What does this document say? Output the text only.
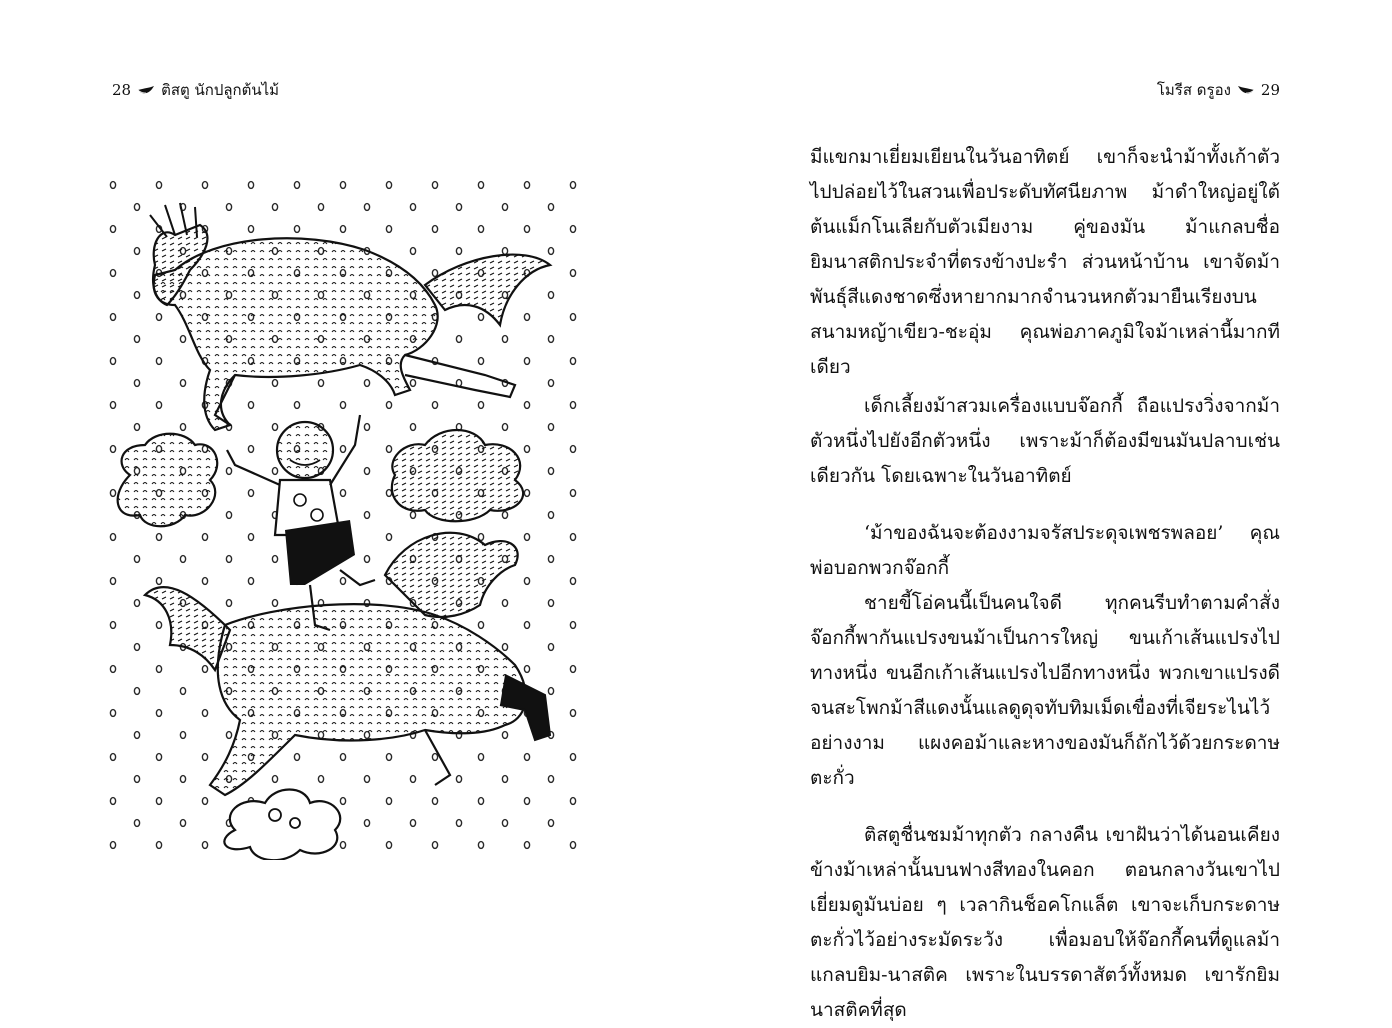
28 ติสตู นักปลูกต้นไม้	โมรีส ดรูอง 29

มีแขกมาเยี่ยมเยียนในวันอาทิตย์ เขาก็จะนำม้าทั้งเก้าตัวไปปล่อยไว้ในสวนเพื่อประดับทัศนียภาพ ม้าดำใหญ่อยู่ใต้ต้นแม็กโนเลียกับตัวเมียงาม คู่ของมัน ม้าแกลบชื่อยิมนาสติกประจำที่ตรงข้างปะรำ ส่วนหน้าบ้าน เขาจัดม้าพันธุ์สีแดงชาดซึ่งหายากมากจำนวนหกตัวมายืนเรียงบนสนามหญ้าเขียว-ชะอุ่ม คุณพ่อภาคภูมิใจม้าเหล่านี้มากทีเดียว

เด็กเลี้ยงม้าสวมเครื่องแบบจ๊อกกี้ ถือแปรงวิ่งจากม้าตัวหนึ่งไปยังอีกตัวหนึ่ง เพราะม้าก็ต้องมีขนมันปลาบเช่นเดียวกัน โดยเฉพาะในวันอาทิตย์

‘ม้าของฉันจะต้องงามจรัสประดุจเพชรพลอย’ คุณพ่อบอกพวกจ๊อกกี้

ชายขี้โอ่คนนี้เป็นคนใจดี ทุกคนรีบทำตามคำสั่ง จ๊อกกี้พากันแปรงขนม้าเป็นการใหญ่ ขนเก้าเส้นแปรงไปทางหนึ่ง ขนอีกเก้าเส้นแปรงไปอีกทางหนึ่ง พวกเขาแปรงดีจนสะโพกม้าสีแดงนั้นแลดูดุจทับทิมเม็ดเขื่องที่เจียระไนไว้อย่างงาม แผงคอม้าและหางของมันก็ถักไว้ด้วยกระดาษตะกั่ว

ติสตูชื่นชมม้าทุกตัว กลางคืน เขาฝันว่าได้นอนเคียงข้างม้าเหล่านั้นบนฟางสีทองในคอก ตอนกลางวันเขาไปเยี่ยมดูมันบ่อย ๆ เวลากินช็อคโกแล็ต เขาจะเก็บกระดาษตะกั่วไว้อย่างระมัดระวัง เพื่อมอบให้จ๊อกกี้คนที่ดูแลม้าแกลบยิม-นาสติค เพราะในบรรดาสัตว์ทั้งหมด เขารักยิมนาสติคที่สุด
